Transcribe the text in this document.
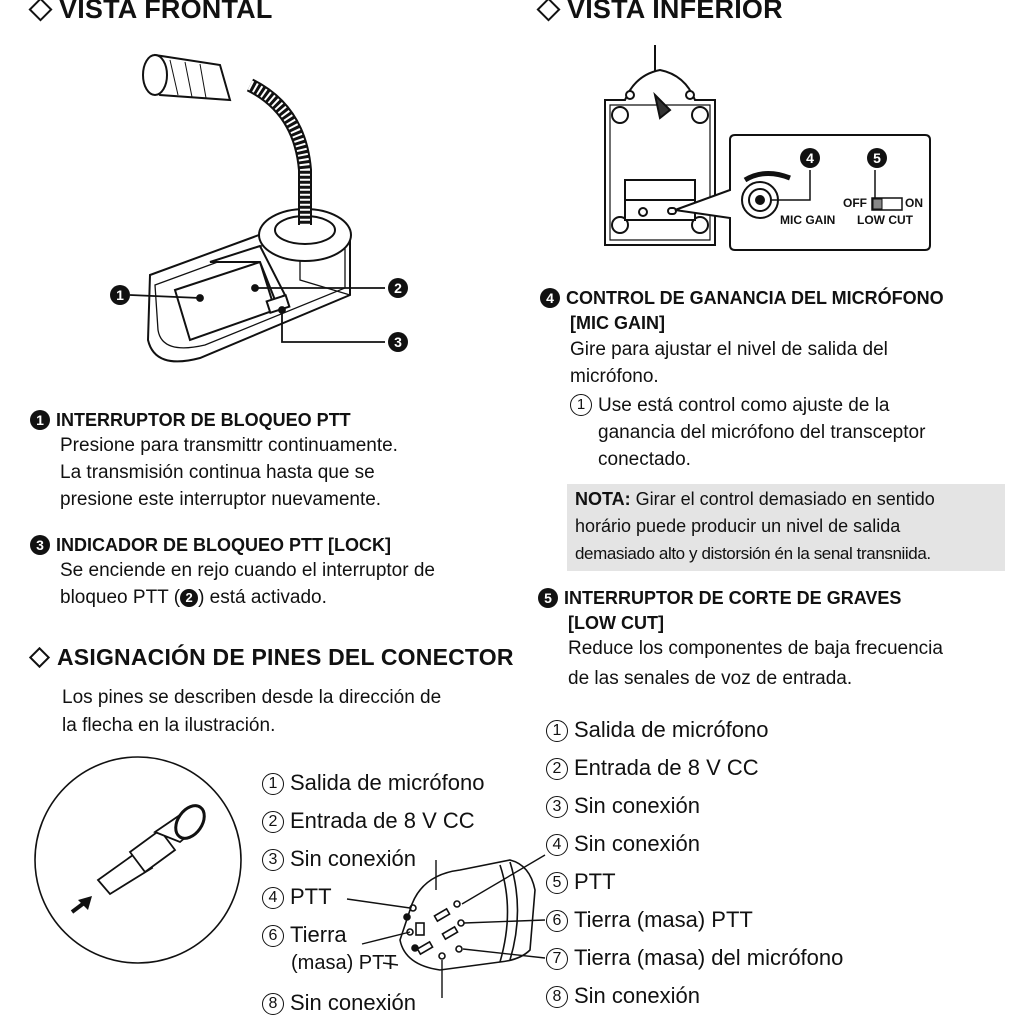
VISTA FRONTAL	VISTA INFERIOR
1	2
3
4	5
OFF	ON
MIC GAIN LOW CUT
1 INTERRUPTOR DE BLOQUEO PTT
Presione para transmittr continuamente.
La transmisión continua hasta que se
presione este interruptor nuevamente.
3 INDICADOR DE BLOQUEO PTT [LOCK]
Se enciende en rejo cuando el interruptor de
bloqueo PTT ( 2 ) está activado.
4 CONTROL DE GANANCIA DEL MICRÓFONO
[MIC GAIN]
Gire para ajustar el nivel de salida del
micrófono.
1 Use está control como ajuste de la
ganancia del micrófono del transceptor
conectado.
NOTA: Girar el control demasiado en sentido
horário puede producir un nivel de salida
demasiado alto y distorsión én la senal transniida.
5 INTERRUPTOR DE CORTE DE GRAVES
[LOW CUT]
Reduce los componentes de baja frecuencia
de las senales de voz de entrada.
ASIGNACIÓN DE PINES DEL CONECTOR
Los pines se describen desde la dirección de
la flecha en la ilustración.
1 Salida de micrófono
2 Entrada de 8 V CC
3 Sin conexión
4 PTT
6 Tierra
(masa) PTT
8 Sin conexión
1 Salida de micrófono
2 Entrada de 8 V CC
3 Sin conexión
4 Sin conexión
5 PTT
6 Tierra (masa) PTT
7 Tierra (masa) del micrófono
8 Sin conexión
